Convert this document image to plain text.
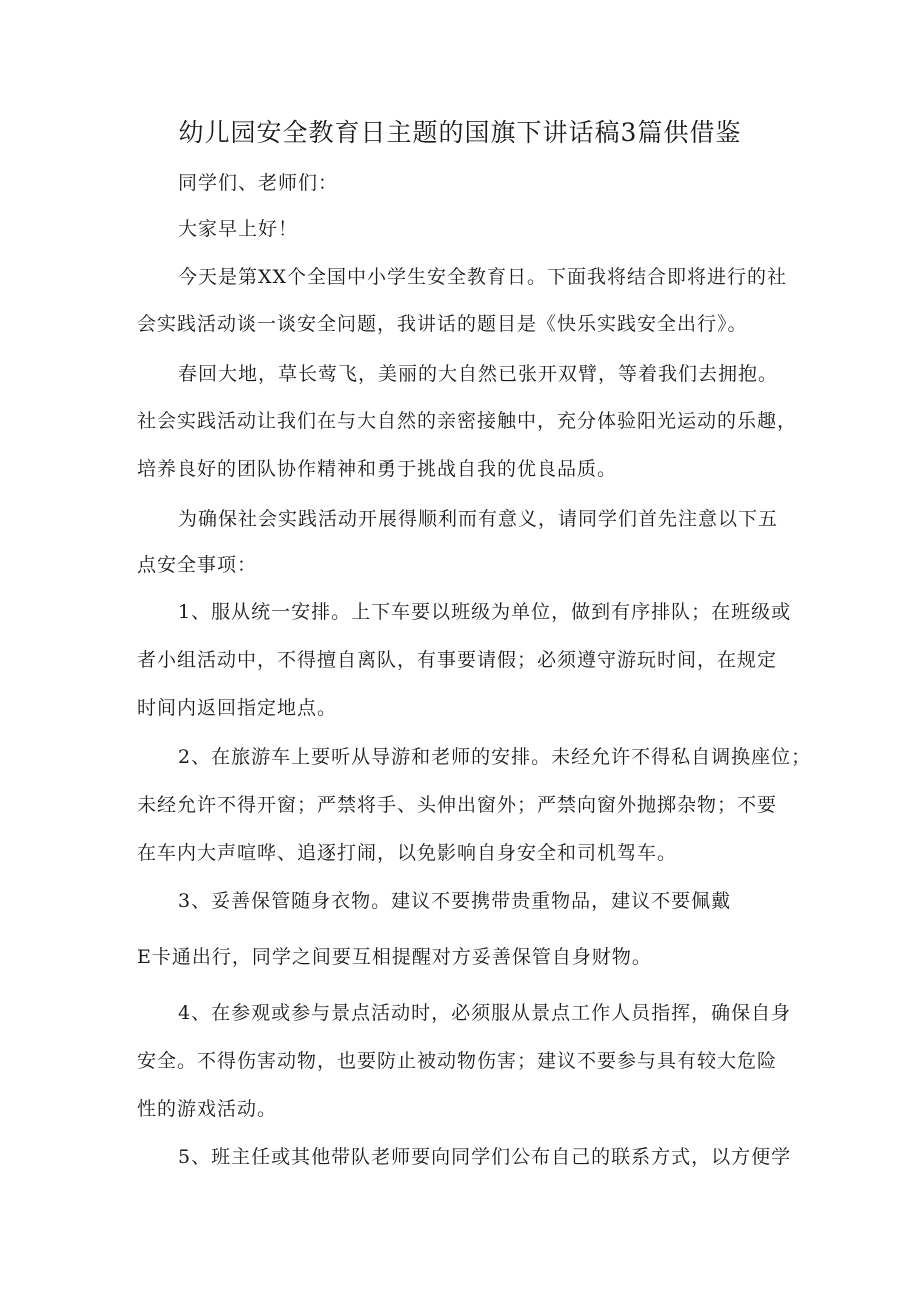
幼儿园安全教育日主题的国旗下讲话稿3篇供借鉴
同学们、老师们：
大家早上好！
今天是第XX个全国中小学生安全教育日。下面我将结合即将进行的社
会实践活动谈一谈安全问题，我讲话的题目是《快乐实践安全出行》。
春回大地，草长莺飞，美丽的大自然已张开双臂，等着我们去拥抱。
社会实践活动让我们在与大自然的亲密接触中，充分体验阳光运动的乐趣，
培养良好的团队协作精神和勇于挑战自我的优良品质。
为确保社会实践活动开展得顺利而有意义，请同学们首先注意以下五
点安全事项：
1、服从统一安排。上下车要以班级为单位，做到有序排队；在班级或
者小组活动中，不得擅自离队，有事要请假；必须遵守游玩时间，在规定
时间内返回指定地点。
2、在旅游车上要听从导游和老师的安排。未经允许不得私自调换座位；
未经允许不得开窗；严禁将手、头伸出窗外；严禁向窗外抛掷杂物；不要
在车内大声喧哗、追逐打闹，以免影响自身安全和司机驾车。
3、妥善保管随身衣物。建议不要携带贵重物品，建议不要佩戴
E卡通出行，同学之间要互相提醒对方妥善保管自身财物。
4、在参观或参与景点活动时，必须服从景点工作人员指挥，确保自身
安全。不得伤害动物，也要防止被动物伤害；建议不要参与具有较大危险
性的游戏活动。
5、班主任或其他带队老师要向同学们公布自己的联系方式，以方便学
